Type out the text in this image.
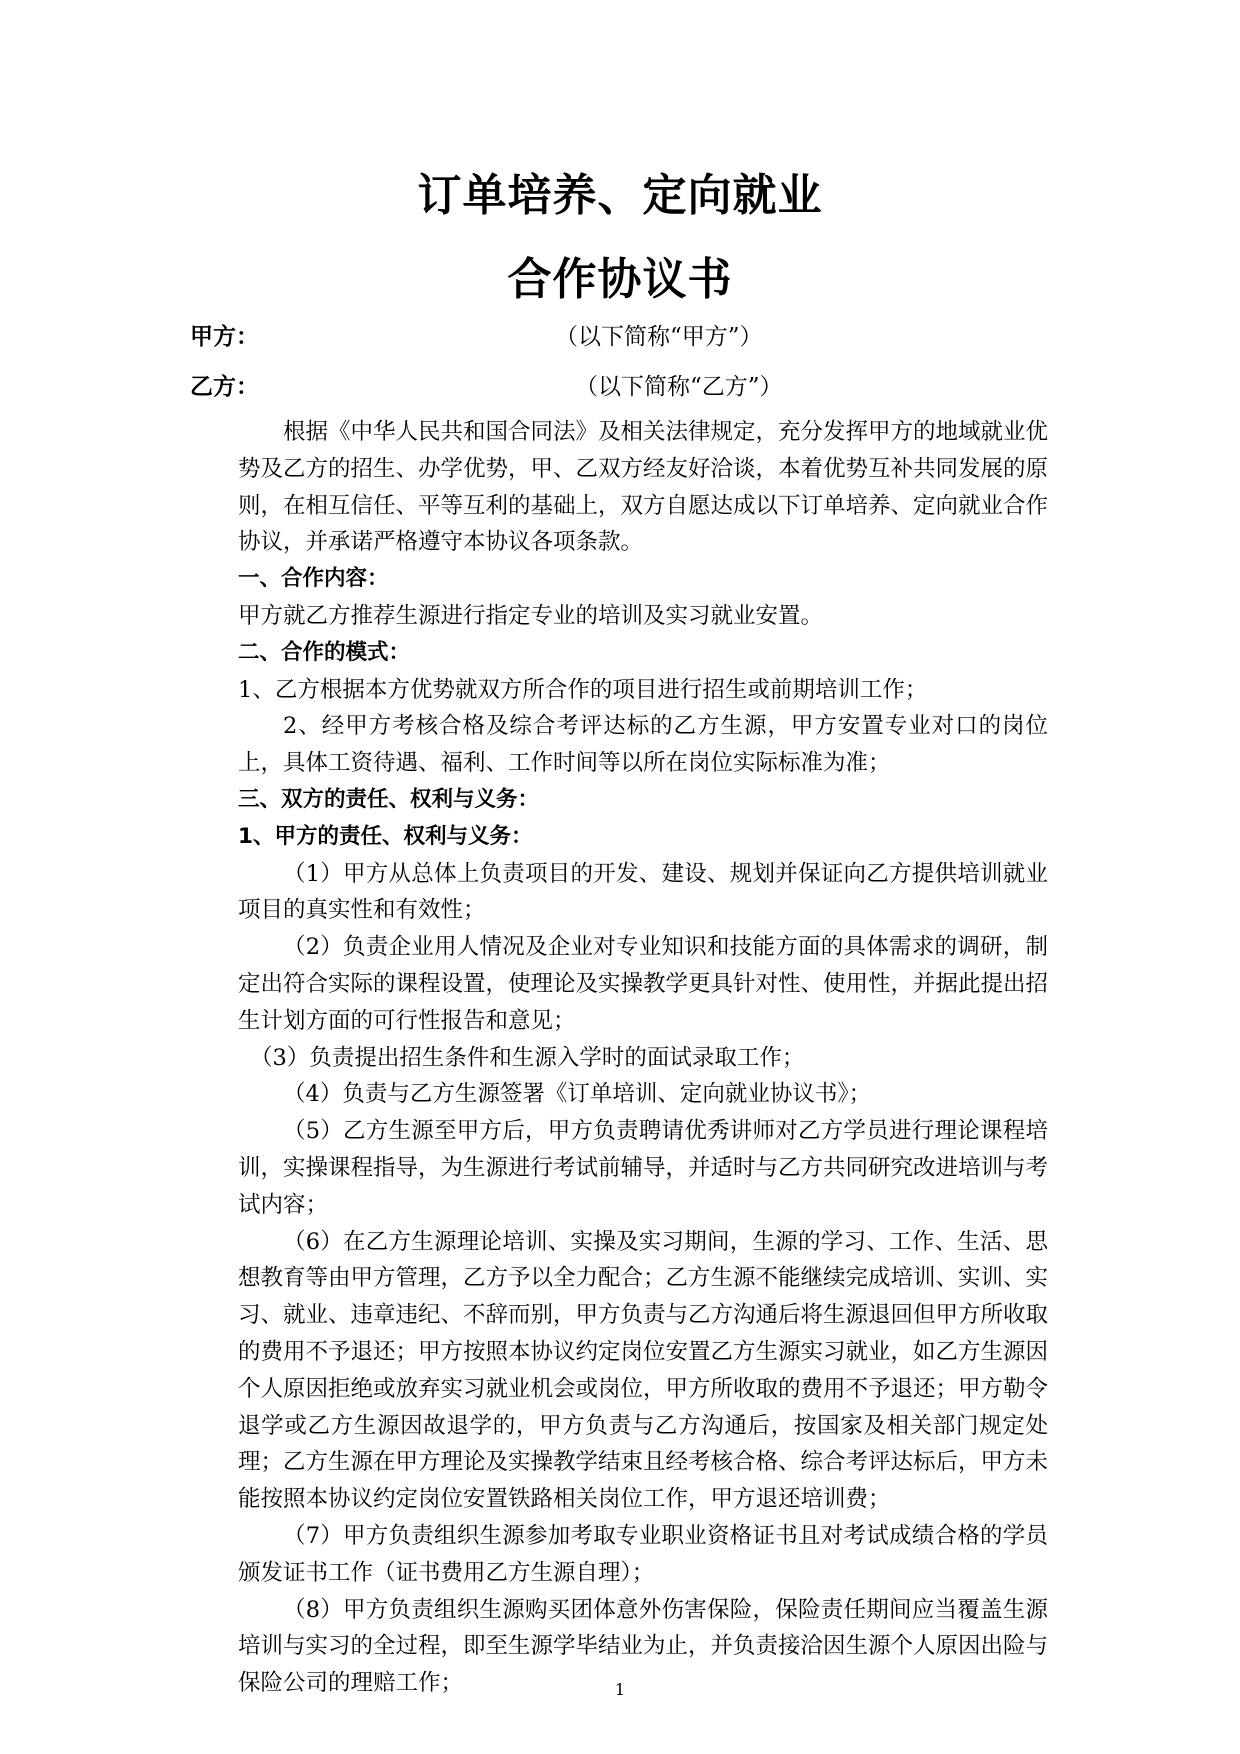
订单培养、定向就业
合作协议书
甲方：	（以下简称“甲方”）
乙方：	（以下简称“乙方”）

根据《中华人民共和国合同法》及相关法律规定，充分发挥甲方的地域就业优势及乙方的招生、办学优势，甲、乙双方经友好洽谈，本着优势互补共同发展的原则，在相互信任、平等互利的基础上，双方自愿达成以下订单培养、定向就业合作协议，并承诺严格遵守本协议各项条款。

一、合作内容：

甲方就乙方推荐生源进行指定专业的培训及实习就业安置。

二、合作的模式：

1、乙方根据本方优势就双方所合作的项目进行招生或前期培训工作；

2、经甲方考核合格及综合考评达标的乙方生源，甲方安置专业对口的岗位上，具体工资待遇、福利、工作时间等以所在岗位实际标准为准；

三、双方的责任、权利与义务：

1、甲方的责任、权利与义务：

（1）甲方从总体上负责项目的开发、建设、规划并保证向乙方提供培训就业项目的真实性和有效性；

（2）负责企业用人情况及企业对专业知识和技能方面的具体需求的调研，制定出符合实际的课程设置，使理论及实操教学更具针对性、使用性，并据此提出招生计划方面的可行性报告和意见；

（3）负责提出招生条件和生源入学时的面试录取工作；

（4）负责与乙方生源签署《订单培训、定向就业协议书》；

（5）乙方生源至甲方后，甲方负责聘请优秀讲师对乙方学员进行理论课程培训，实操课程指导，为生源进行考试前辅导，并适时与乙方共同研究改进培训与考试内容；

（6）在乙方生源理论培训、实操及实习期间，生源的学习、工作、生活、思想教育等由甲方管理，乙方予以全力配合；乙方生源不能继续完成培训、实训、实习、就业、违章违纪、不辞而别，甲方负责与乙方沟通后将生源退回但甲方所收取的费用不予退还；甲方按照本协议约定岗位安置乙方生源实习就业，如乙方生源因个人原因拒绝或放弃实习就业机会或岗位，甲方所收取的费用不予退还；甲方勒令退学或乙方生源因故退学的，甲方负责与乙方沟通后，按国家及相关部门规定处理；乙方生源在甲方理论及实操教学结束且经考核合格、综合考评达标后，甲方未能按照本协议约定岗位安置铁路相关岗位工作，甲方退还培训费；

（7）甲方负责组织生源参加考取专业职业资格证书且对考试成绩合格的学员颁发证书工作（证书费用乙方生源自理）；

（8）甲方负责组织生源购买团体意外伤害保险，保险责任期间应当覆盖生源培训与实习的全过程，即至生源学毕结业为止，并负责接洽因生源个人原因出险与保险公司的理赔工作；	1
